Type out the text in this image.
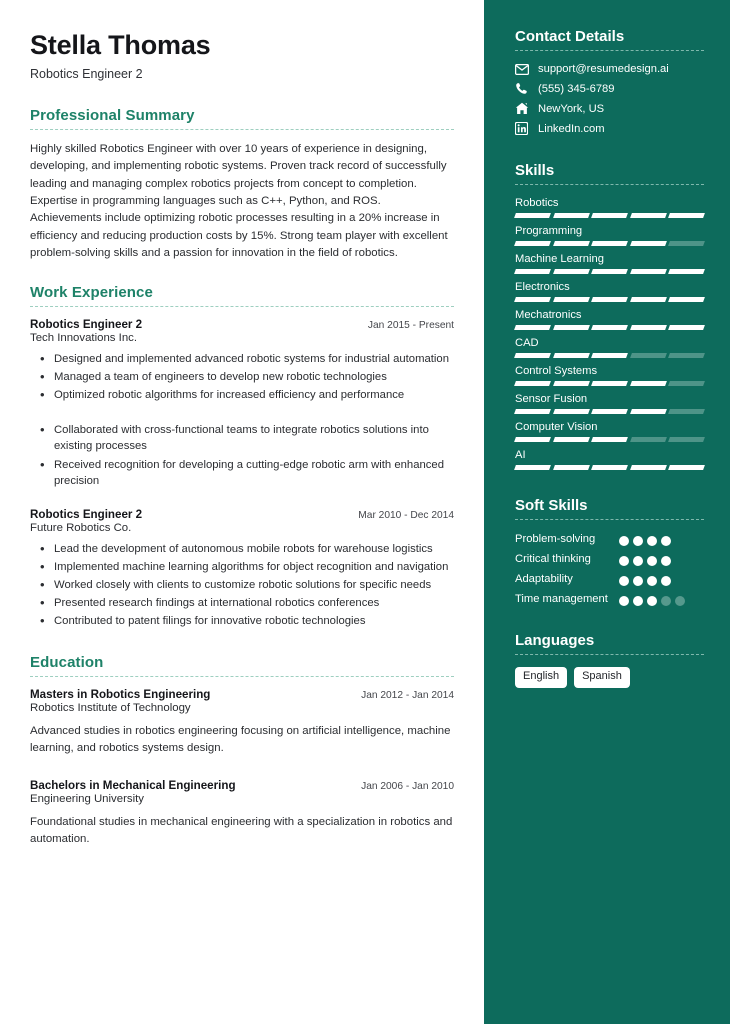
Stella Thomas
Robotics Engineer 2
Professional Summary
Highly skilled Robotics Engineer with over 10 years of experience in designing, developing, and implementing robotic systems. Proven track record of successfully leading and managing complex robotics projects from concept to completion. Expertise in programming languages such as C++, Python, and ROS. Achievements include optimizing robotic processes resulting in a 20% increase in efficiency and reducing production costs by 15%. Strong team player with excellent problem-solving skills and a passion for innovation in the field of robotics.
Work Experience
Robotics Engineer 2	Jan 2015 - Present
Tech Innovations Inc.
• Designed and implemented advanced robotic systems for industrial automation
• Managed a team of engineers to develop new robotic technologies
• Optimized robotic algorithms for increased efficiency and performance
• Collaborated with cross-functional teams to integrate robotics solutions into existing processes
• Received recognition for developing a cutting-edge robotic arm with enhanced precision
Robotics Engineer 2	Mar 2010 - Dec 2014
Future Robotics Co.
• Lead the development of autonomous mobile robots for warehouse logistics
• Implemented machine learning algorithms for object recognition and navigation
• Worked closely with clients to customize robotic solutions for specific needs
• Presented research findings at international robotics conferences
• Contributed to patent filings for innovative robotic technologies
Education
Masters in Robotics Engineering	Jan 2012 - Jan 2014
Robotics Institute of Technology
Advanced studies in robotics engineering focusing on artificial intelligence, machine learning, and robotics systems design.
Bachelors in Mechanical Engineering	Jan 2006 - Jan 2010
Engineering University
Foundational studies in mechanical engineering with a specialization in robotics and automation.
Contact Details
support@resumedesign.ai
(555) 345-6789
NewYork, US
LinkedIn.com
Skills
Robotics
Programming
Machine Learning
Electronics
Mechatronics
CAD
Control Systems
Sensor Fusion
Computer Vision
AI
Soft Skills
Problem-solving
Critical thinking
Adaptability
Time management
Languages
English	Spanish
